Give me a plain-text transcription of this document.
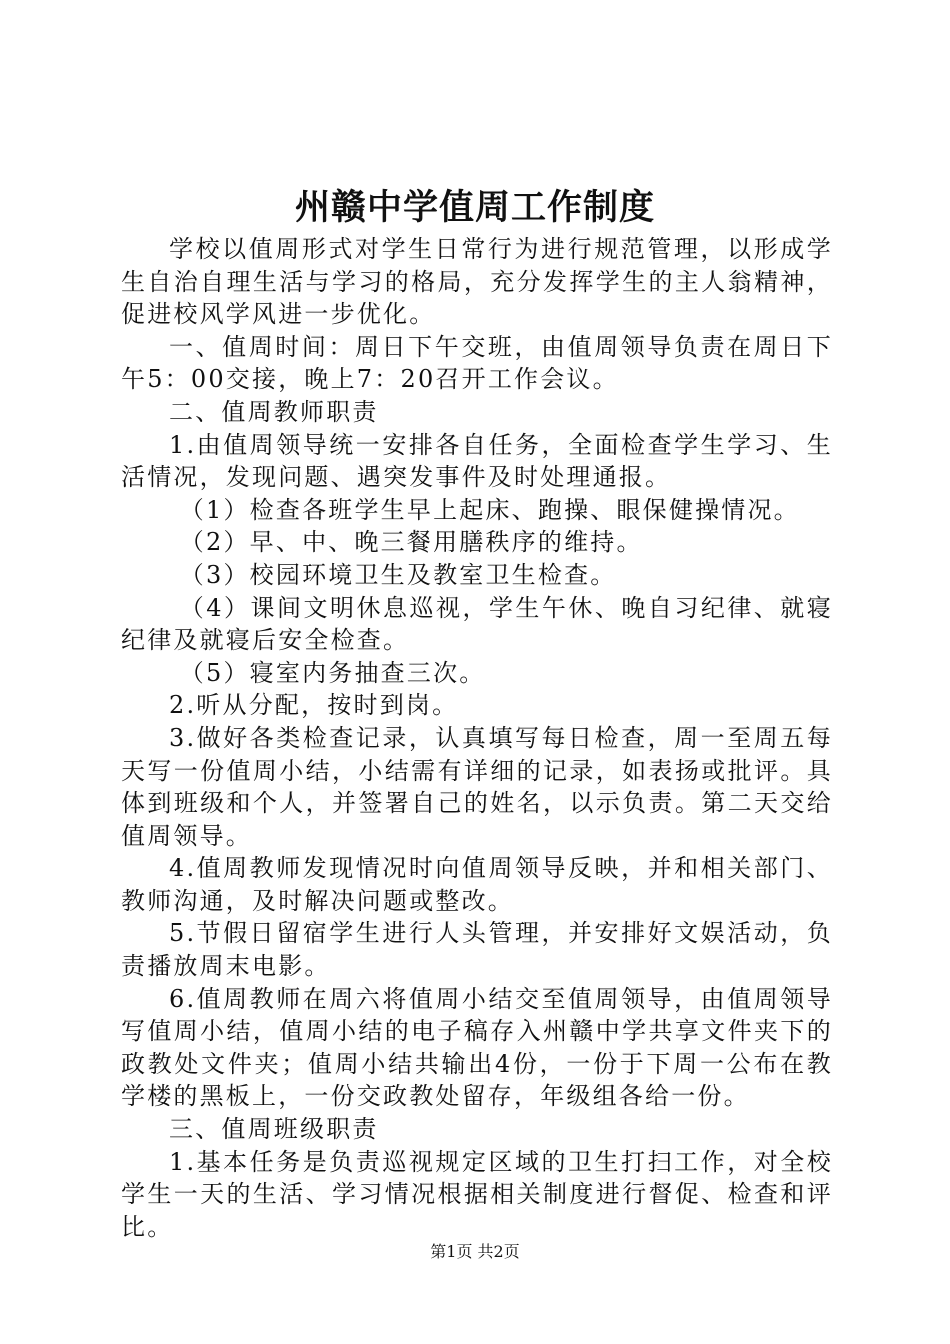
州赣中学值周工作制度

学校以值周形式对学生日常行为进行规范管理，以形成学生自治自理生活与学习的格局，充分发挥学生的主人翁精神，促进校风学风进一步优化。

一、值周时间：周日下午交班，由值周领导负责在周日下午5：00交接，晚上7：20召开工作会议。

二、值周教师职责

1.由值周领导统一安排各自任务，全面检查学生学习、生活情况，发现问题、遇突发事件及时处理通报。

（1）检查各班学生早上起床、跑操、眼保健操情况。

（2）早、中、晚三餐用膳秩序的维持。

（3）校园环境卫生及教室卫生检查。

（4）课间文明休息巡视，学生午休、晚自习纪律、就寝纪律及就寝后安全检查。

（5）寝室内务抽查三次。

2.听从分配，按时到岗。

3.做好各类检查记录，认真填写每日检查，周一至周五每天写一份值周小结，小结需有详细的记录，如表扬或批评。具体到班级和个人，并签署自己的姓名，以示负责。第二天交给值周领导。

4.值周教师发现情况时向值周领导反映，并和相关部门、教师沟通，及时解决问题或整改。

5.节假日留宿学生进行人头管理，并安排好文娱活动，负责播放周末电影。

6.值周教师在周六将值周小结交至值周领导，由值周领导写值周小结，值周小结的电子稿存入州赣中学共享文件夹下的政教处文件夹；值周小结共输出4份，一份于下周一公布在教学楼的黑板上，一份交政教处留存，年级组各给一份。

三、值周班级职责

1.基本任务是负责巡视规定区域的卫生打扫工作，对全校学生一天的生活、学习情况根据相关制度进行督促、检查和评比。

第1页 共2页
